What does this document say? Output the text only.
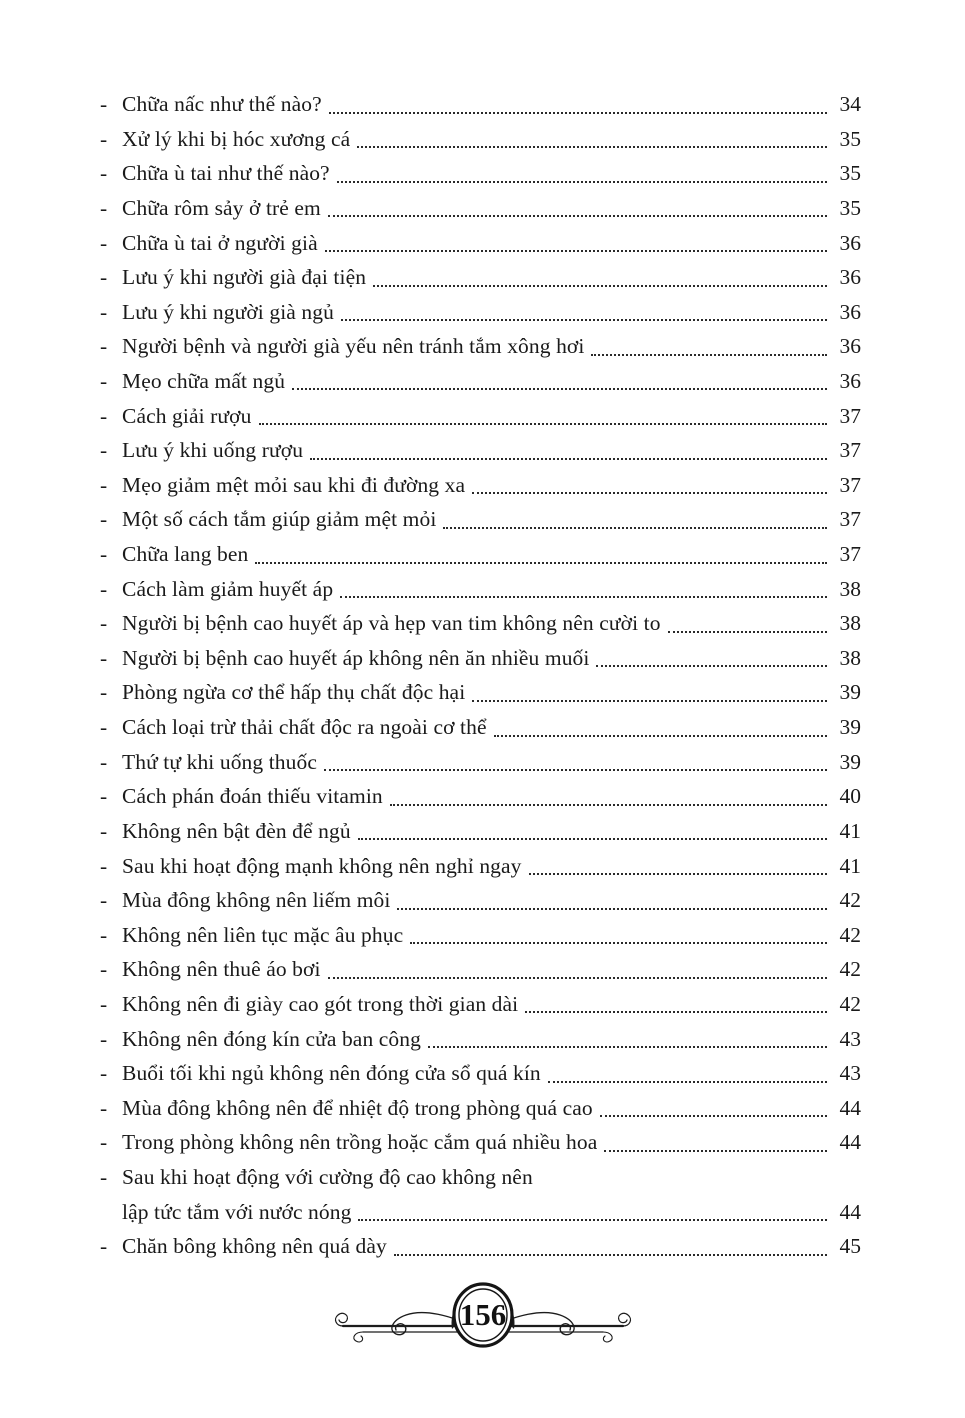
- Chữa nấc như thế nào?	34
- Xử lý khi bị hóc xương cá	35
- Chữa ù tai như thế nào?	35
- Chữa rôm sảy ở trẻ em	35
- Chữa ù tai ở người già	36
- Lưu ý khi người già đại tiện	36
- Lưu ý khi người già ngủ	36
- Người bệnh và người già yếu nên tránh tắm xông hơi	36
- Mẹo chữa mất ngủ	36
- Cách giải rượu	37
- Lưu ý khi uống rượu	37
- Mẹo giảm mệt mỏi sau khi đi đường xa	37
- Một số cách tắm giúp giảm mệt mỏi	37
- Chữa lang ben	37
- Cách làm giảm huyết áp	38
- Người bị bệnh cao huyết áp và hẹp van tim không nên cười to	38
- Người bị bệnh cao huyết áp không nên ăn nhiều muối	38
- Phòng ngừa cơ thể hấp thụ chất độc hại	39
- Cách loại trừ thải chất độc ra ngoài cơ thể	39
- Thứ tự khi uống thuốc	39
- Cách phán đoán thiếu vitamin	40
- Không nên bật đèn để ngủ	41
- Sau khi hoạt động mạnh không nên nghỉ ngay	41
- Mùa đông không nên liếm môi	42
- Không nên liên tục mặc âu phục	42
- Không nên thuê áo bơi	42
- Không nên đi giày cao gót trong thời gian dài	42
- Không nên đóng kín cửa ban công	43
- Buổi tối khi ngủ không nên đóng cửa sổ quá kín	43
- Mùa đông không nên để nhiệt độ trong phòng quá cao	44
- Trong phòng không nên trồng hoặc cắm quá nhiều hoa	44
- Sau khi hoạt động với cường độ cao không nên
lập tức tắm với nước nóng	44
- Chăn bông không nên quá dày	45
156
